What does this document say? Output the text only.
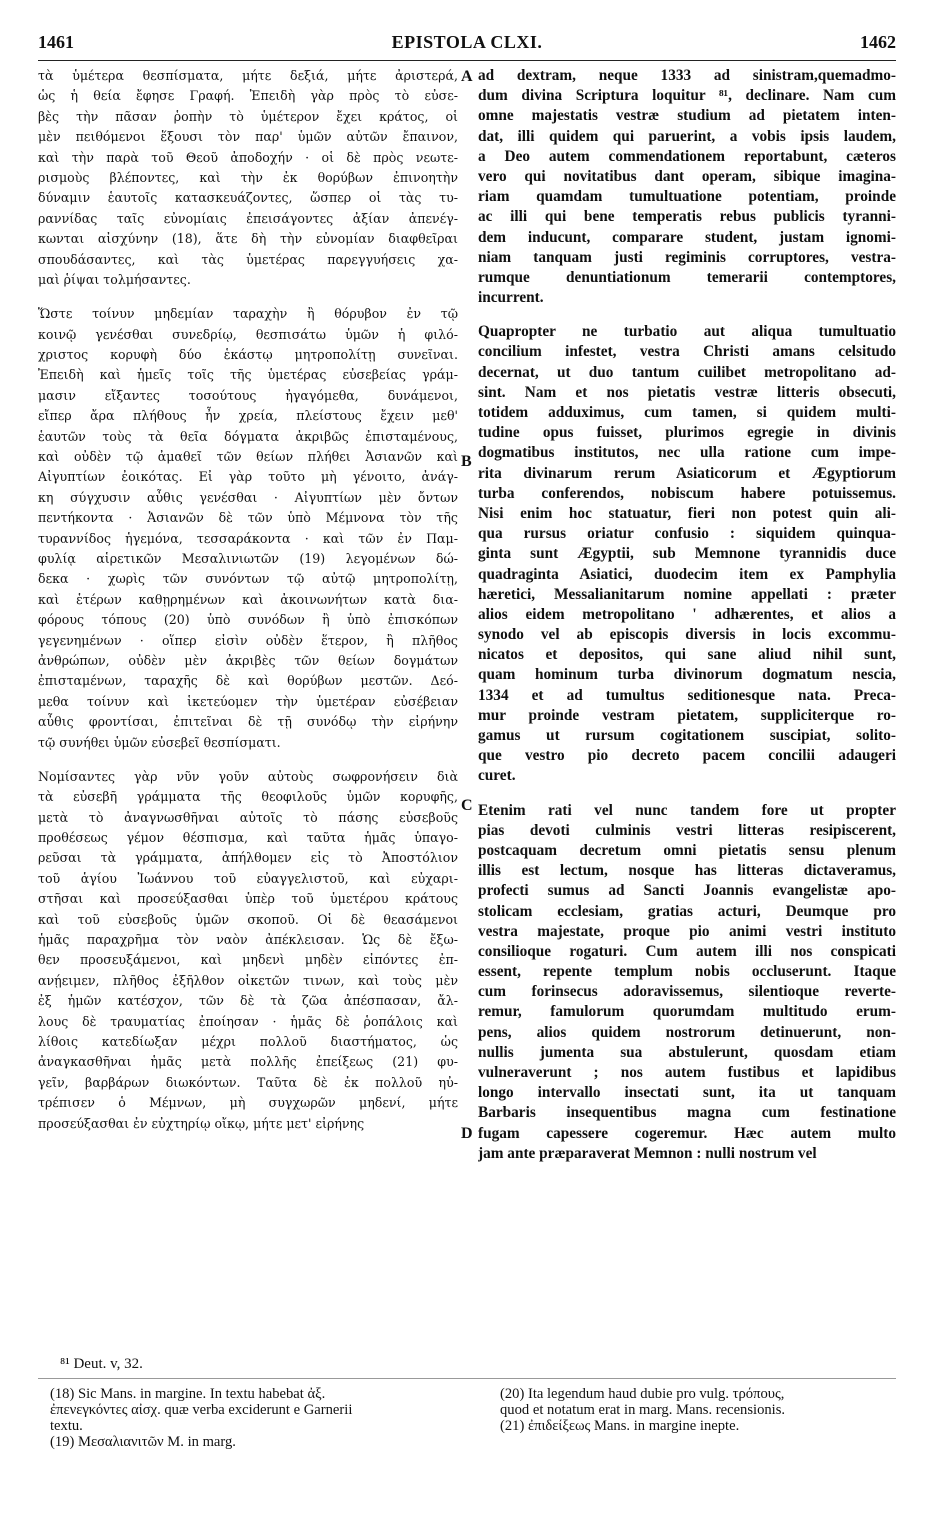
1461	EPISTOLA CLXI.	1462
τὰ ὑμέτερα θεσπίσματα, μήτε δεξιά, μήτε ἀριστερά,
ὡς ἡ θεία ἔφησε Γραφή. Ἐπειδὴ γὰρ πρὸς τὸ εὐσε-
βὲς τὴν πᾶσαν ῥοπὴν τὸ ὑμέτερον ἔχει κράτος, οἱ
μὲν πειθόμενοι ἕξουσι τὸν παρ' ὑμῶν αὐτῶν ἔπαινον,
καὶ τὴν παρὰ τοῦ Θεοῦ ἀποδοχήν · οἱ δὲ πρὸς νεωτε-
ρισμοὺς βλέποντες, καὶ τὴν ἐκ θορύβων ἐπινοητὴν
δύναμιν ἑαυτοῖς κατασκευάζοντες, ὥσπερ οἱ τὰς τυ-
ραννίδας ταῖς εὐνομίαις ἐπεισάγοντες ἀξίαν ἀπενέγ-
κωνται αἰσχύνην (18), ἅτε δὴ τὴν εὐνομίαν διαφθεῖραι
σπουδάσαντες, καὶ τὰς ὑμετέρας παρεγγυήσεις χα-
μαὶ ῥίψαι τολμήσαντες.
Ὥστε τοίνυν μηδεμίαν ταραχὴν ἢ θόρυβον ἐν τῷ
κοινῷ γενέσθαι συνεδρίῳ, θεσπισάτω ὑμῶν ἡ φιλό-
χριστος κορυφὴ δύο ἑκάστῳ μητροπολίτῃ συνεῖναι.
Ἐπειδὴ καὶ ἡμεῖς τοῖς τῆς ὑμετέρας εὐσεβείας γράμ-
μασιν εἴξαντες τοσούτους ἠγαγόμεθα, δυνάμενοι,
εἴπερ ἄρα πλήθους ἦν χρεία, πλείστους ἔχειν μεθ'
ἑαυτῶν τοὺς τὰ θεῖα δόγματα ἀκριβῶς ἐπισταμένους,
καὶ οὐδὲν τῷ ἀμαθεῖ τῶν θείων πλήθει Ἀσιανῶν καὶ
Αἰγυπτίων ἐοικότας. Εἰ γὰρ τοῦτο μὴ γένοιτο, ἀνάγ-
κη σύγχυσιν αὖθις γενέσθαι · Αἰγυπτίων μὲν ὄντων
πεντήκοντα · Ἀσιανῶν δὲ τῶν ὑπὸ Μέμνονα τὸν τῆς
τυραννίδος ἡγεμόνα, τεσσαράκοντα · καὶ τῶν ἐν Παμ-
φυλίᾳ αἱρετικῶν Μεσαλινιωτῶν (19) λεγομένων δώ-
δεκα · χωρὶς τῶν συνόντων τῷ αὐτῷ μητροπολίτῃ,
καὶ ἑτέρων καθῃρημένων καὶ ἀκοινωνήτων κατὰ δια-
φόρους τόπους (20) ὑπὸ συνόδων ἢ ὑπὸ ἐπισκόπων
γεγενημένων · οἵπερ εἰσὶν οὐδὲν ἕτερον, ἢ πλῆθος
ἀνθρώπων, οὐδὲν μὲν ἀκριβὲς τῶν θείων δογμάτων
ἐπισταμένων, ταραχῆς δὲ καὶ θορύβων μεστῶν. Δεό-
μεθα τοίνυν καὶ ἱκετεύομεν τὴν ὑμετέραν εὐσέβειαν
αὖθις φροντίσαι, ἐπιτεῖναι δὲ τῇ συνόδῳ τὴν εἰρήνην
τῷ συνήθει ὑμῶν εὐσεβεῖ θεσπίσματι.
Νομίσαντες γὰρ νῦν γοῦν αὐτοὺς σωφρονήσειν διὰ
τὰ εὐσεβῆ γράμματα τῆς θεοφιλοῦς ὑμῶν κορυφῆς,
μετὰ τὸ ἀναγνωσθῆναι αὐτοῖς τὸ πάσης εὐσεβοῦς
προθέσεως γέμον θέσπισμα, καὶ ταῦτα ἡμᾶς ὑπαγο-
ρεῦσαι τὰ γράμματα, ἀπήλθομεν εἰς τὸ Ἀποστόλιον
τοῦ ἁγίου Ἰωάννου τοῦ εὐαγγελιστοῦ, καὶ εὐχαρι-
στῆσαι καὶ προσεύξασθαι ὑπὲρ τοῦ ὑμετέρου κράτους
καὶ τοῦ εὐσεβοῦς ὑμῶν σκοποῦ. Οἱ δὲ θεασάμενοι
ἡμᾶς παραχρῆμα τὸν ναὸν ἀπέκλεισαν. Ὡς δὲ ἔξω-
θεν προσευξάμενοι, καὶ μηδενὶ μηδὲν εἰπόντες ἐπ-
ανῄειμεν, πλῆθος ἐξῆλθον οἰκετῶν τινων, καὶ τοὺς μὲν
ἐξ ἡμῶν κατέσχον, τῶν δὲ τὰ ζῶα ἀπέσπασαν, ἄλ-
λους δὲ τραυματίας ἐποίησαν · ἡμᾶς δὲ ῥοπάλοις καὶ
λίθοις κατεδίωξαν μέχρι πολλοῦ διαστήματος, ὡς
ἀναγκασθῆναι ἡμᾶς μετὰ πολλῆς ἐπείξεως (21) φυ-
γεῖν, βαρβάρων διωκόντων. Ταῦτα δὲ ἐκ πολλοῦ ηὐ-
τρέπισεν ὁ Μέμνων, μὴ συγχωρῶν μηδενί, μήτε
προσεύξασθαι ἐν εὐχτηρίῳ οἴκῳ, μήτε μετ' εἰρήνης
ad dextram, neque 1333 ad sinistram,quemadmo-
dum divina Scriptura loquitur ⁸¹, declinare. Nam cum
omne majestatis vestræ studium ad pietatem inten-
dat, illi quidem qui paruerint, a vobis ipsis laudem,
a Deo autem commendationem reportabunt, cæteros
vero qui novitatibus dant operam, sibique imagina-
riam quamdam tumultuatione potentiam, proinde
ac illi qui bene temperatis rebus publicis tyranni-
dem inducunt, comparare student, justam ignomi-
niam tanquam justi regiminis corruptores, vestra-
rumque denuntiationum temerarii contemptores,
incurrent.
Quapropter ne turbatio aut aliqua tumultuatio
concilium infestet, vestra Christi amans celsitudo
decernat, ut duo tantum cuilibet metropolitano ad-
sint. Nam et nos pietatis vestræ litteris obsecuti,
totidem adduximus, cum tamen, si quidem multi-
tudine opus fuisset, plurimos egregie in divinis
dogmatibus institutos, nec ulla ratione cum impe-
rita divinarum rerum Asiaticorum et Ægyptiorum
turba conferendos, nobiscum habere potuissemus.
Nisi enim hoc statuatur, fieri non potest quin ali-
qua rursus oriatur confusio : siquidem quinqua-
ginta sunt Ægyptii, sub Memnone tyrannidis duce
quadraginta Asiatici, duodecim item ex Pamphylia
hæretici, Messalianitarum nomine appellati : præter
alios eidem metropolitano ' adhærentes, et alios a
synodo vel ab episcopis diversis in locis excommu-
nicatos et depositos, qui sane aliud nihil sunt,
quam hominum turba divinorum dogmatum nescia,
1334 et ad tumultus seditionesque nata. Preca-
mur proinde vestram pietatem, suppliciterque ro-
gamus ut rursum cogitationem suscipiat, solito-
que vestro pio decreto pacem concilii adaugeri
curet.
Etenim rati vel nunc tandem fore ut propter
pias devoti culminis vestri litteras resipiscerent,
postcaquam decretum omni pietatis sensu plenum
illis est lectum, nosque has litteras dictaveramus,
profecti sumus ad Sancti Joannis evangelistæ apo-
stolicam ecclesiam, gratias acturi, Deumque pro
vestra majestate, proque pio animi vestri instituto
consilioque rogaturi. Cum autem illi nos conspicati
essent, repente templum nobis occluserunt. Itaque
cum forinsecus adoravissemus, silentioque reverte-
remur, famulorum quorumdam multitudo erum-
pens, alios quidem nostrorum detinuerunt, non-
nullis jumenta sua abstulerunt, quosdam etiam
vulneraverunt ; nos autem fustibus et lapidibus
longo intervallo insectati sunt, ita ut tanquam
Barbaris insequentibus magna cum festinatione
fugam capessere cogeremur. Hæc autem multo
jam ante præparaverat Memnon : nulli nostrum vel
A
B
C
D
⁸¹ Deut. v, 32.
(18) Sic Mans. in margine. In textu habebat ἀξ.
ἐπενεγκόντες αἰσχ. quæ verba exciderunt e Garnerii
textu.
(19) Μεσαλιανιτῶν M. in marg.
(20) Ita legendum haud dubie pro vulg. τρόπους,
quod et notatum erat in marg. Mans. recensionis.
(21) ἐπιδείξεως Mans. in margine inepte.
